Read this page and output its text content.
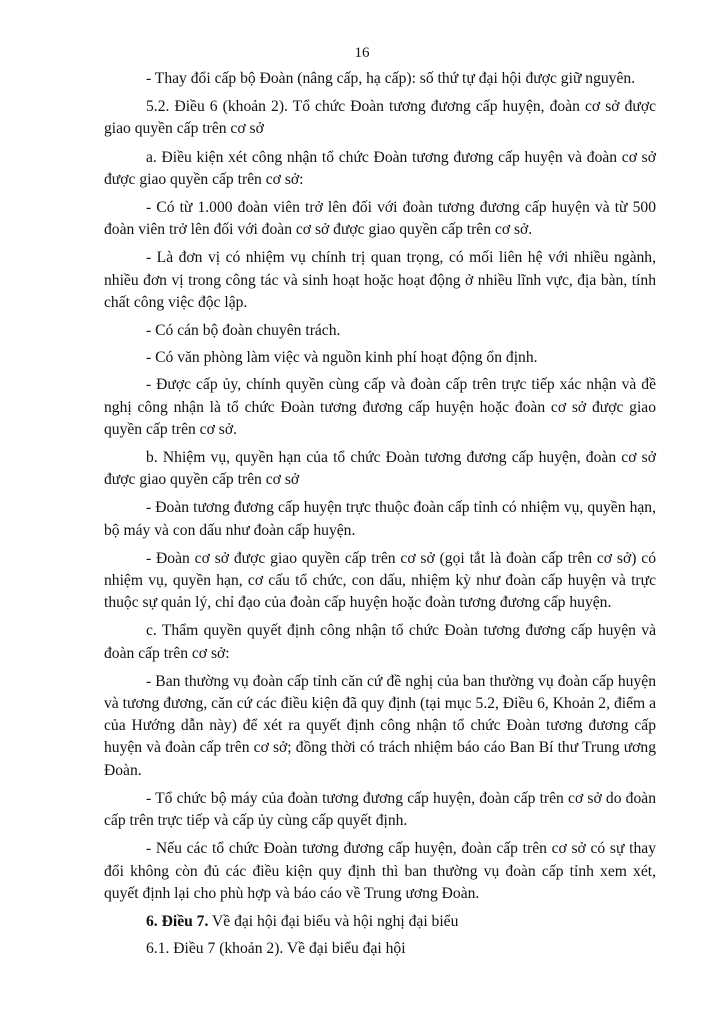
16

- Thay đổi cấp bộ Đoàn (nâng cấp, hạ cấp): số thứ tự đại hội được giữ nguyên.

5.2. Điều 6 (khoản 2). Tổ chức Đoàn tương đương cấp huyện, đoàn cơ sở được giao quyền cấp trên cơ sở

a. Điều kiện xét công nhận tổ chức Đoàn tương đương cấp huyện và đoàn cơ sở được giao quyền cấp trên cơ sở:

- Có từ 1.000 đoàn viên trở lên đối với đoàn tương đương cấp huyện và từ 500 đoàn viên trở lên đối với đoàn cơ sở được giao quyền cấp trên cơ sở.

- Là đơn vị có nhiệm vụ chính trị quan trọng, có mối liên hệ với nhiều ngành, nhiều đơn vị trong công tác và sinh hoạt hoặc hoạt động ở nhiều lĩnh vực, địa bàn, tính chất công việc độc lập.

- Có cán bộ đoàn chuyên trách.

- Có văn phòng làm việc và nguồn kinh phí hoạt động ổn định.

- Được cấp ủy, chính quyền cùng cấp và đoàn cấp trên trực tiếp xác nhận và đề nghị công nhận là tổ chức Đoàn tương đương cấp huyện hoặc đoàn cơ sở được giao quyền cấp trên cơ sở.

b. Nhiệm vụ, quyền hạn của tổ chức Đoàn tương đương cấp huyện, đoàn cơ sở được giao quyền cấp trên cơ sở

- Đoàn tương đương cấp huyện trực thuộc đoàn cấp tỉnh có nhiệm vụ, quyền hạn, bộ máy và con dấu như đoàn cấp huyện.

- Đoàn cơ sở được giao quyền cấp trên cơ sở (gọi tắt là đoàn cấp trên cơ sở) có nhiệm vụ, quyền hạn, cơ cấu tổ chức, con dấu, nhiệm kỳ như đoàn cấp huyện và trực thuộc sự quản lý, chỉ đạo của đoàn cấp huyện hoặc đoàn tương đương cấp huyện.

c. Thẩm quyền quyết định công nhận tổ chức Đoàn tương đương cấp huyện và đoàn cấp trên cơ sở:

- Ban thường vụ đoàn cấp tỉnh căn cứ đề nghị của ban thường vụ đoàn cấp huyện và tương đương, căn cứ các điều kiện đã quy định (tại mục 5.2, Điều 6, Khoản 2, điểm a của Hướng dẫn này) để xét ra quyết định công nhận tổ chức Đoàn tương đương cấp huyện và đoàn cấp trên cơ sở; đồng thời có trách nhiệm báo cáo Ban Bí thư Trung ương Đoàn.

- Tổ chức bộ máy của đoàn tương đương cấp huyện, đoàn cấp trên cơ sở do đoàn cấp trên trực tiếp và cấp ủy cùng cấp quyết định.

- Nếu các tổ chức Đoàn tương đương cấp huyện, đoàn cấp trên cơ sở có sự thay đổi không còn đủ các điều kiện quy định thì ban thường vụ đoàn cấp tỉnh xem xét, quyết định lại cho phù hợp và báo cáo về Trung ương Đoàn.

6. Điều 7. Về đại hội đại biểu và hội nghị đại biểu

6.1. Điều 7 (khoản 2). Về đại biểu đại hội
